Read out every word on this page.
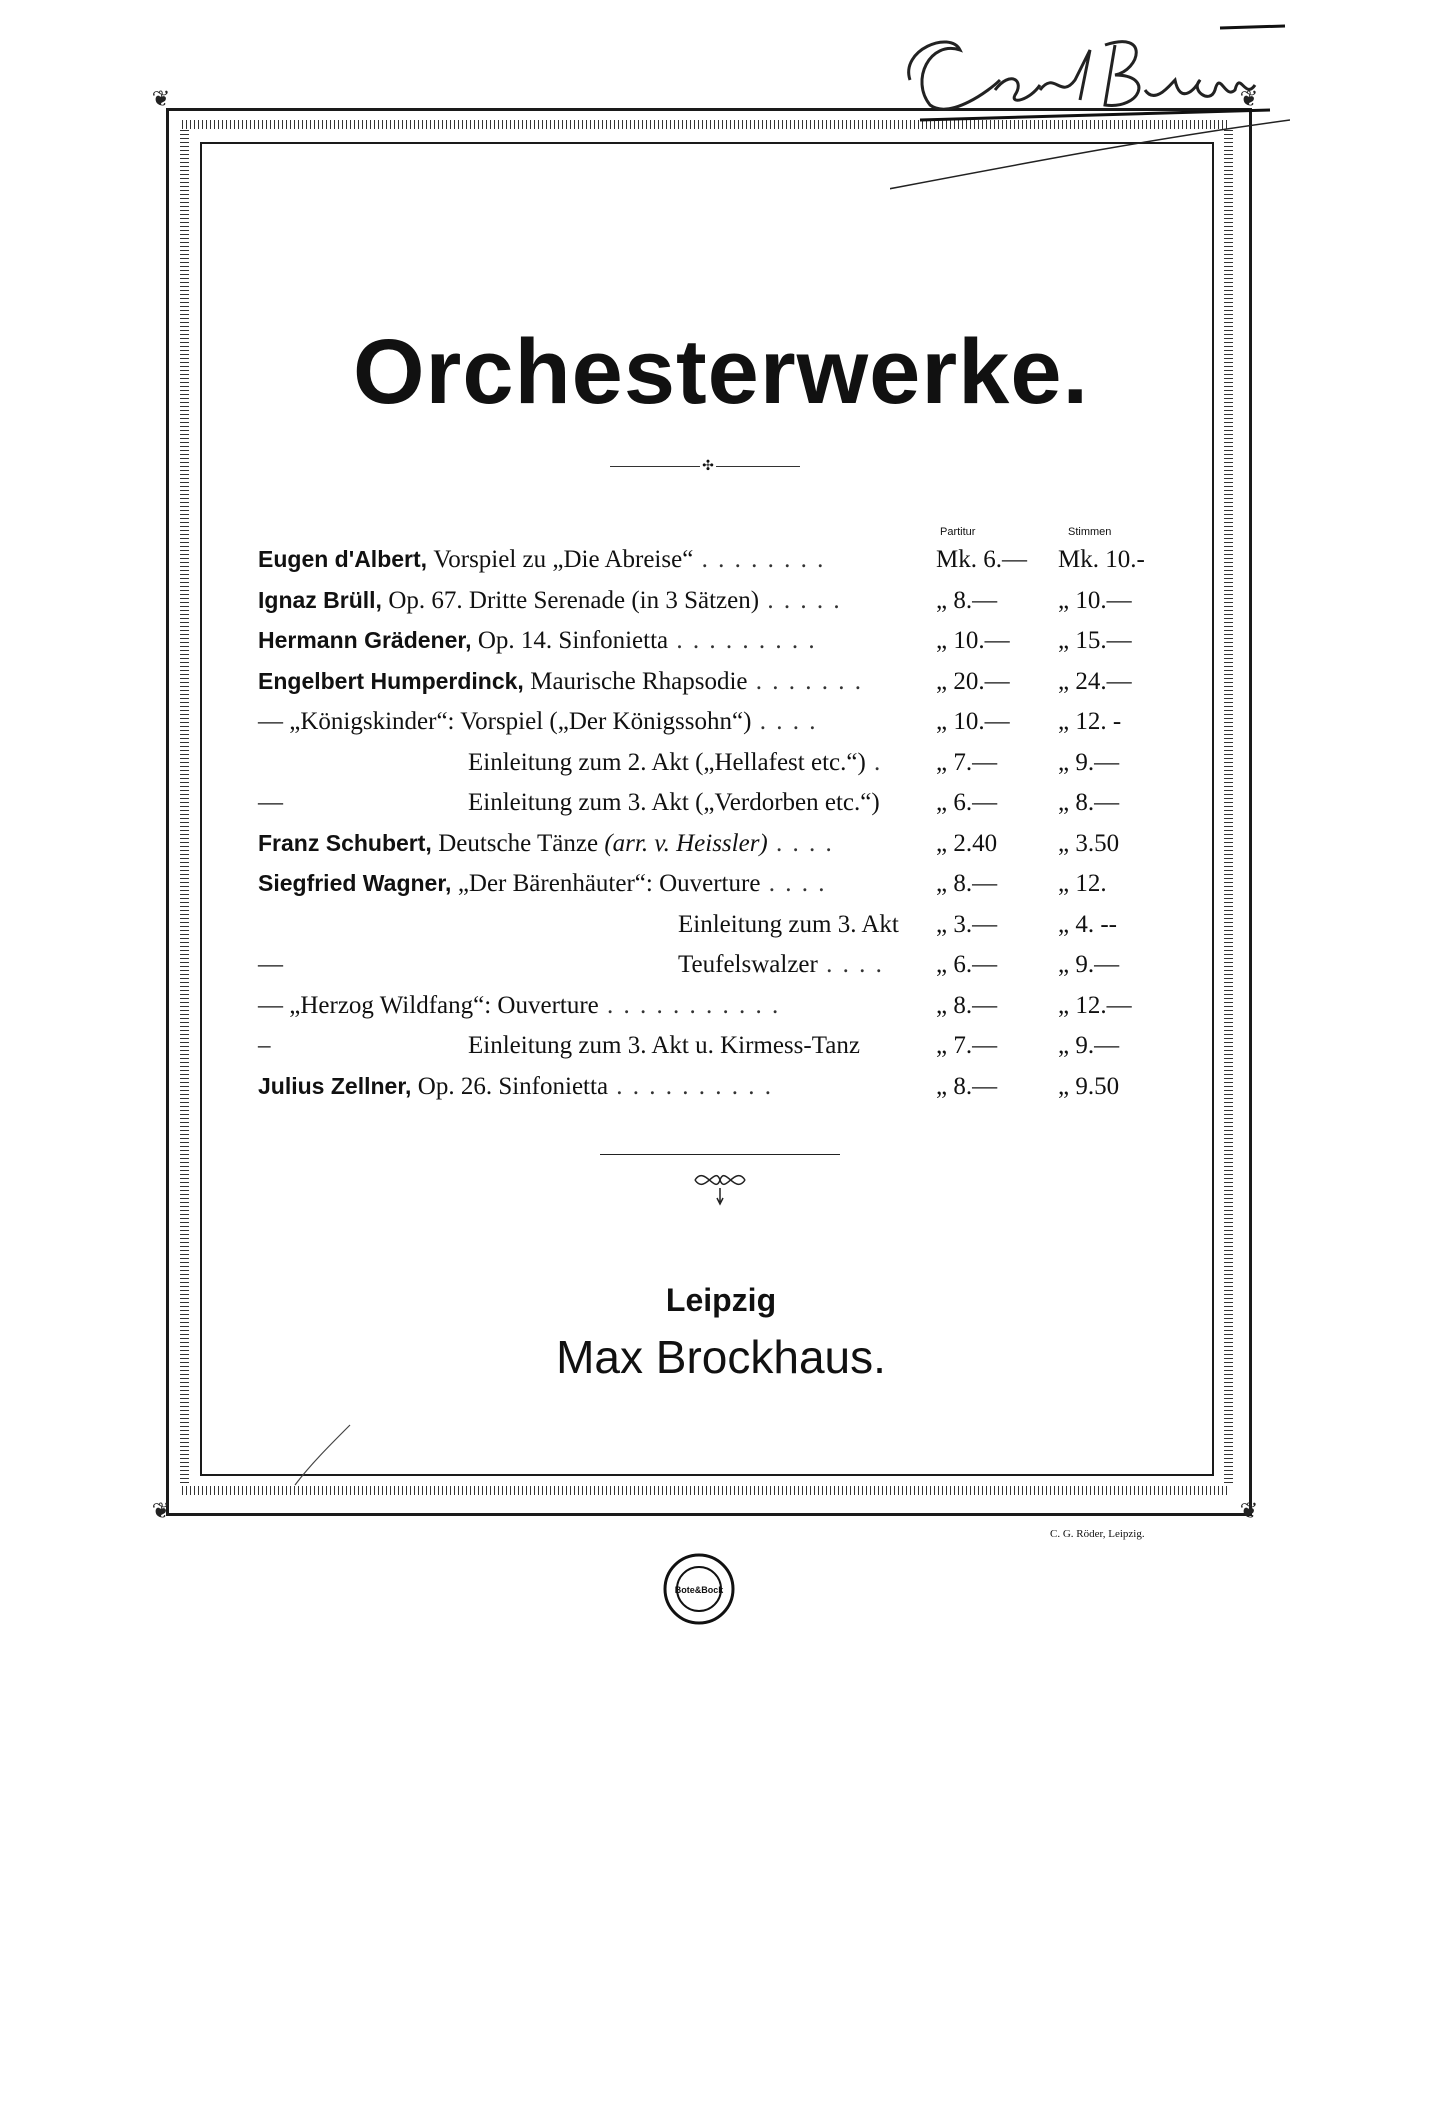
❦	❦
❦	❦
Orchesterwerke.
✣
Partitur	Stimmen
Eugen d'Albert, Vorspiel zu „Die Abreise“ . . . . . . . .	Mk. 6.—	Mk. 10.-
Ignaz Brüll, Op. 67. Dritte Serenade (in 3 Sätzen) . . . . .	„ 8.—	„ 10.—
Hermann Grädener, Op. 14. Sinfonietta . . . . . . . . .	„ 10.—	„ 15.—
Engelbert Humperdinck, Maurische Rhapsodie . . . . . . .	„ 20.—	„ 24.—
— „Königskinder“: Vorspiel („Der Königssohn“) . . . .	„ 10.—	„ 12. -
Einleitung zum 2. Akt („Hellafest etc.“) . „ 7.—	„ 9.—
—	Einleitung zum 3. Akt („Verdorben etc.“) „ 6.—	„ 8.—
Franz Schubert, Deutsche Tänze (arr. v. Heissler) . . . .	„ 2.40	„ 3.50
Siegfried Wagner, „Der Bärenhäuter“: Ouverture . . . .	„ 8.—	„ 12.
Einleitung zum 3. Akt „ 3.—	„ 4. --
—	Teufelswalzer . . . . „ 6.—	„ 9.—
— „Herzog Wildfang“: Ouverture . . . . . . . . . . .	„ 8.—	„ 12.—
–	Einleitung zum 3. Akt u. Kirmess-Tanz	„ 7.—	„ 9.—
Julius Zellner, Op. 26. Sinfonietta . . . . . . . . . .	„ 8.—	„ 9.50
Leipzig
Max Brockhaus.
C. G. Röder, Leipzig.
Bote&Bock
